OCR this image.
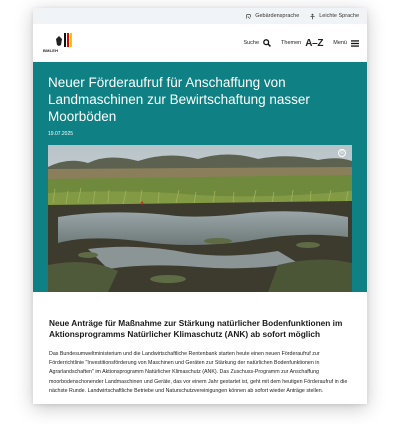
Gebärdensprache	Leichte Sprache
BMLEH
Suche	Themen A–Z Menü
Neuer Förderaufruf für Anschaffung von Landmaschinen zur Bewirtschaftung nasser Moorböden
19.07.2025
©
Neue Anträge für Maßnahme zur Stärkung natürlicher Bodenfunktionen im Aktionsprogramms Natürlicher Klimaschutz (ANK) ab sofort möglich

Das Bundesumweltministerium und die Landwirtschaftliche Rentenbank starten heute einen neuen Förderaufruf zur Förderrichtlinie "Investitionsförderung von Maschinen und Geräten zur Stärkung der natürlichen Bodenfunktionen in Agrarlandschaften" im Aktionsprogramm Natürlicher Klimaschutz (ANK). Das Zuschuss-Programm zur Anschaffung moorbodenschonender Landmaschinen und Geräte, das vor einem Jahr gestartet ist, geht mit dem heutigen Förderaufruf in die nächste Runde. Landwirtschaftliche Betriebe und Naturschutzvereinigungen können ab sofort wieder Anträge stellen.
